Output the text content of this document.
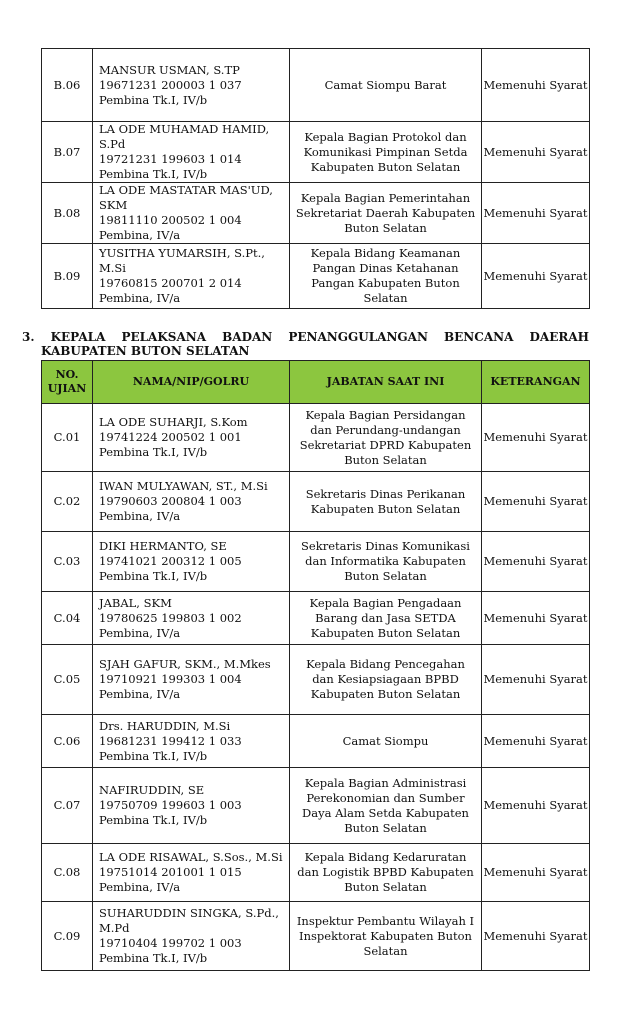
B.06	MANSUR USMAN, S.TP
19671231 200003 1 037
Pembina Tk.I, IV/b	Camat Siompu Barat	Memenuhi Syarat
B.07	LA ODE MUHAMAD HAMID, S.Pd
19721231 199603 1 014
Pembina Tk.I, IV/b	Kepala Bagian Protokol dan Komunikasi Pimpinan Setda Kabupaten Buton Selatan	Memenuhi Syarat
B.08	LA ODE MASTATAR MAS'UD, SKM
19811110 200502 1 004
Pembina, IV/a	Kepala Bagian Pemerintahan Sekretariat Daerah Kabupaten Buton Selatan	Memenuhi Syarat
B.09	YUSITHA YUMARSIH, S.Pt., M.Si
19760815 200701 2 014
Pembina, IV/a	Kepala Bidang Keamanan Pangan Dinas Ketahanan Pangan Kabupaten Buton Selatan	Memenuhi Syarat
3. KEPALA PELAKSANA BADAN PENANGGULANGAN BENCANA DAERAH
KABUPATEN BUTON SELATAN
NO. UJIAN	NAMA/NIP/GOLRU	JABATAN SAAT INI	KETERANGAN
C.01	LA ODE SUHARJI, S.Kom
19741224 200502 1 001
Pembina Tk.I, IV/b	Kepala Bagian Persidangan dan Perundang-undangan Sekretariat DPRD Kabupaten Buton Selatan	Memenuhi Syarat
C.02	IWAN MULYAWAN, ST., M.Si
19790603 200804 1 003
Pembina, IV/a	Sekretaris Dinas Perikanan Kabupaten Buton Selatan	Memenuhi Syarat
C.03	DIKI HERMANTO, SE
19741021 200312 1 005
Pembina Tk.I, IV/b	Sekretaris Dinas Komunikasi dan Informatika Kabupaten Buton Selatan	Memenuhi Syarat
C.04	JABAL, SKM
19780625 199803 1 002
Pembina, IV/a	Kepala Bagian Pengadaan Barang dan Jasa SETDA Kabupaten Buton Selatan	Memenuhi Syarat
C.05	SJAH GAFUR, SKM., M.Mkes
19710921 199303 1 004
Pembina, IV/a	Kepala Bidang Pencegahan dan Kesiapsiagaan BPBD Kabupaten Buton Selatan	Memenuhi Syarat
C.06	Drs. HARUDDIN, M.Si
19681231 199412 1 033
Pembina Tk.I, IV/b	Camat Siompu	Memenuhi Syarat
C.07	NAFIRUDDIN, SE
19750709 199603 1 003
Pembina Tk.I, IV/b	Kepala Bagian Administrasi Perekonomian dan Sumber Daya Alam Setda Kabupaten Buton Selatan	Memenuhi Syarat
C.08	LA ODE RISAWAL, S.Sos., M.Si
19751014 201001 1 015
Pembina, IV/a	Kepala Bidang Kedaruratan dan Logistik BPBD Kabupaten Buton Selatan	Memenuhi Syarat
C.09	SUHARUDDIN SINGKA, S.Pd., M.Pd
19710404 199702 1 003
Pembina Tk.I, IV/b	Inspektur Pembantu Wilayah I Inspektorat Kabupaten Buton Selatan	Memenuhi Syarat
